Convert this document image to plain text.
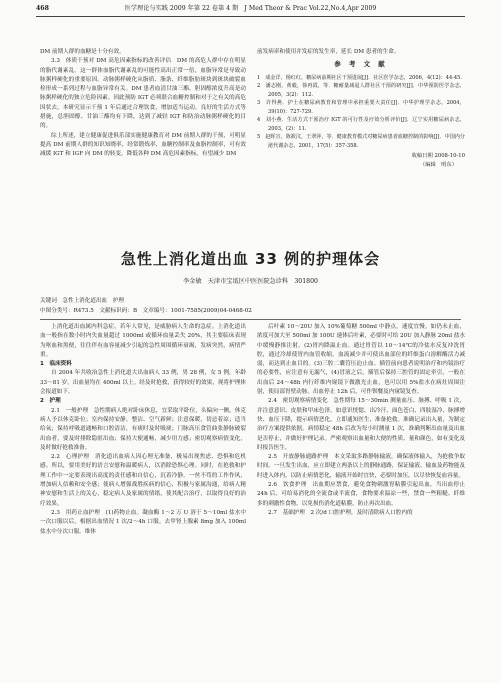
468	医学理论与实践 2009 年第 22 卷第 4 期　J Med Theor & Prac Vol.22,No.4,Apr 2009

DM 前期人群的血糖是十分有效。

3.3　体质干预对 DM 高危因素指标的改善评估　DM 的高危人群中存在明显的脂代谢紊乱。这一群体血脂代谢紊乱的可能性高出正常一倍，血脂异常是导致动脉粥样硬化的重要原因。动脉粥样硬化从脂质、脂条、纤维脂肪斑块到斑块破裂血栓形成一系列过程与血脂异常有关。DM 患者血清甘油三酯、胆固醇浓度升高是动脉粥样硬化的独立危险因素。因此预防 IGT 必须联合血糖控制和对于之有关的高危因状去。本研究显示干预 1 年后通过合理饮食，增加适当运动，良好的生活方式等措施，总胆固醇、甘油三酯均有下降，达到了减轻 IGT 和防治动脉粥样硬化的目的。

综上所述，建立健康促进俱乐部实施健康教育对 DM 前期人群的干预，可明显提高 DM 前期人群的知识知晓率，经常锻炼率、血糖控制率及血脂控制率，可有效减缓 IGT 和 IGF 向 DM 的转变，降低各种 DM 高危因素指标，有望减少 DM

前发病率和使用并发症的发生率，延长 DM 患者的生命。

参 考 文 献

1　成金洋，杨红红，糖尿病前期社区干预进展[J]．社区医学杂志，2006，4(12)：44-45.

2　潘志刚，黄毅，徐再霞，等．糖耐量减退人群社区干预的研究[J]．中华预防医学杂志，2005，3(2)：112.

3　许得燕．护士在糖尿病教育和管理中承担重要大责任[J]．中华护理学杂志，2004，39(10)：727-729.

4　刘小燕．生活方式干预治疗 IGT 的可行性及疗效分析评价[J]．辽宁实用糖尿病杂志，2003，(2)：11.

5　赵晖宣，陈筱汶，王翠萍，等．健康教育模式对糖尿病患者血糖控制的影响[J]．中国内分泌代谢杂志，2001，17(5)：357-358.

收稿日期 2008-10-10
（编辑　明东）
急性上消化道出血 33 例的护理体会
李金敏　天津市宝坻区中医医院急诊科　301800
关键词　急性上消化道出血　护理
中图分类号：R473.5　文献标识码：B　文章编号：1001-7585(2009)04-0468-02

上消化道出血属内科急症，若年人常见，是威胁病人生命的急症。上消化道出血一般指在数小时内失血量超过 1000ml 或循环血量丢失 20%，其主要临床表现为呕血和黑便，往往伴有血容量减少引起的急性周围循环衰竭，发病突然，病情严重。

1　临床资料

自 2004 年共收治急性上消化道大出血病人 33 例，男 28 例，女 5 例，年龄 33～81 岁。出血量均在 400ml 以上。经及时抢救，获得较好的效果，现将护理体会报道如下。

2　护理

2.1　一般护理　急性期病人绝对卧床休息，宜采取平卧位，头偏向一侧，休克病人予以休克卧位；室内保持安静、整洁、空气新鲜；注意保暖，切忌着凉；适当给氧；保持呼吸道通畅和口腔清洁，有痰时及时吸痰；门脉高压食管曲张静脉破裂出血者，要及时排除隐匿出血；保持大便通畅，减少用力感；密切观察病情变化，及时做好抢救准备。

2.2　心理护理　消化道出血病人因心理无准备，极易出现焦虑、恐惧和危机感。所以，要用美好的语言安慰和温暖病人，以消除恐惧心理。同时，在抢救和护理工作中一定要表现出高度的责任感和自信心，沉着冷静，一丝不苟的工作作风，增加病人信赖和安全感；使病人增强战胜疾病的信心，积极与家属沟通，给病人精神安慰和生活上的关心，稳定病人及家属的情绪，使其配合治疗，以取得良好的治疗效果。

2.3　用药止血护理　(1)药物止血。凝血酶 1～2 万 U 溶于 5～10ml 盐水中一次口服以后，根据出血情况 1 次/2～4h 口服。去甲肾上腺素 8mg 加入 100ml 盐水中分次口服。维体

后叶素 10～20U 加入 10%葡萄糖 500ml 中静点，速度宜慢。如仍未止血，浓度可加大至 500ml 加 100U 速体后叶素，必要时可给 20U 加入静脉 20ml 盐水中缓慢静推注射。(2)胃内降温止血。通过胃管以 10～14℃的冷盐水反复冲洗胃腔，通过冷却使胃内血管收缩，血流减少并可使出血部位的纤维蛋白溶解酶活力减弱，而达到止血目的。(3)三腔二囊管压迫止血。插管前向患者说明治疗和内镜治疗的必要性，应注意有无漏气，(4)冒液之后，插管后保持三腔管的固定牵引，一般在出血后 24～48h 内行纤维内窥镜下做激光止血，也可以用 5%盐水在病灶周围注射，使局部胃壁动脉。出血停止 12h 后，可作钡餐及内窥镜复查。

2.4　密切观察病情变化　急性期每 15～30min 测量血压、脉搏、呼吸 1 次，并注意意识、皮肤和甲床色泽，如意识恍惚、出冷汗、面色苍白、四肢湿冷、脉搏增快、血压下降，提示病情恶化，立即通知医生，准备抢救。准确记录出入量，为制定治疗方案提供依据。病情稳定 48h 后改为每小时测量 1 次，准确判断出血量及出血是否停止，并做好护理记录。严密观察出血量和大便的性质、量和颜色，如有变化及时报告医生。

2.5　开放静脉通路护理　本文采取多路静脉输液，确保液体输入，为抢救争取时间。一旦发生出血，应立即建立两条以上的静脉通路，保证输液、输血及药物能及时进入体内，以防止病情恶化，输液开始时宜快，必要时加压，以尽快恢复血容量。

2.6　饮食护理　出血期应禁食，避免食物刺激胃粘膜引起出血，当出血停止 24h 后，可给易消化的全流食或半流食，食物要求温凉一些，禁食一些粗糙、纤维多的刺激性食物，以免损伤消化道粘膜，防止再次出血。

2.7　基础护理　2 次/d 口腔护理，及时清除病人口腔内的
